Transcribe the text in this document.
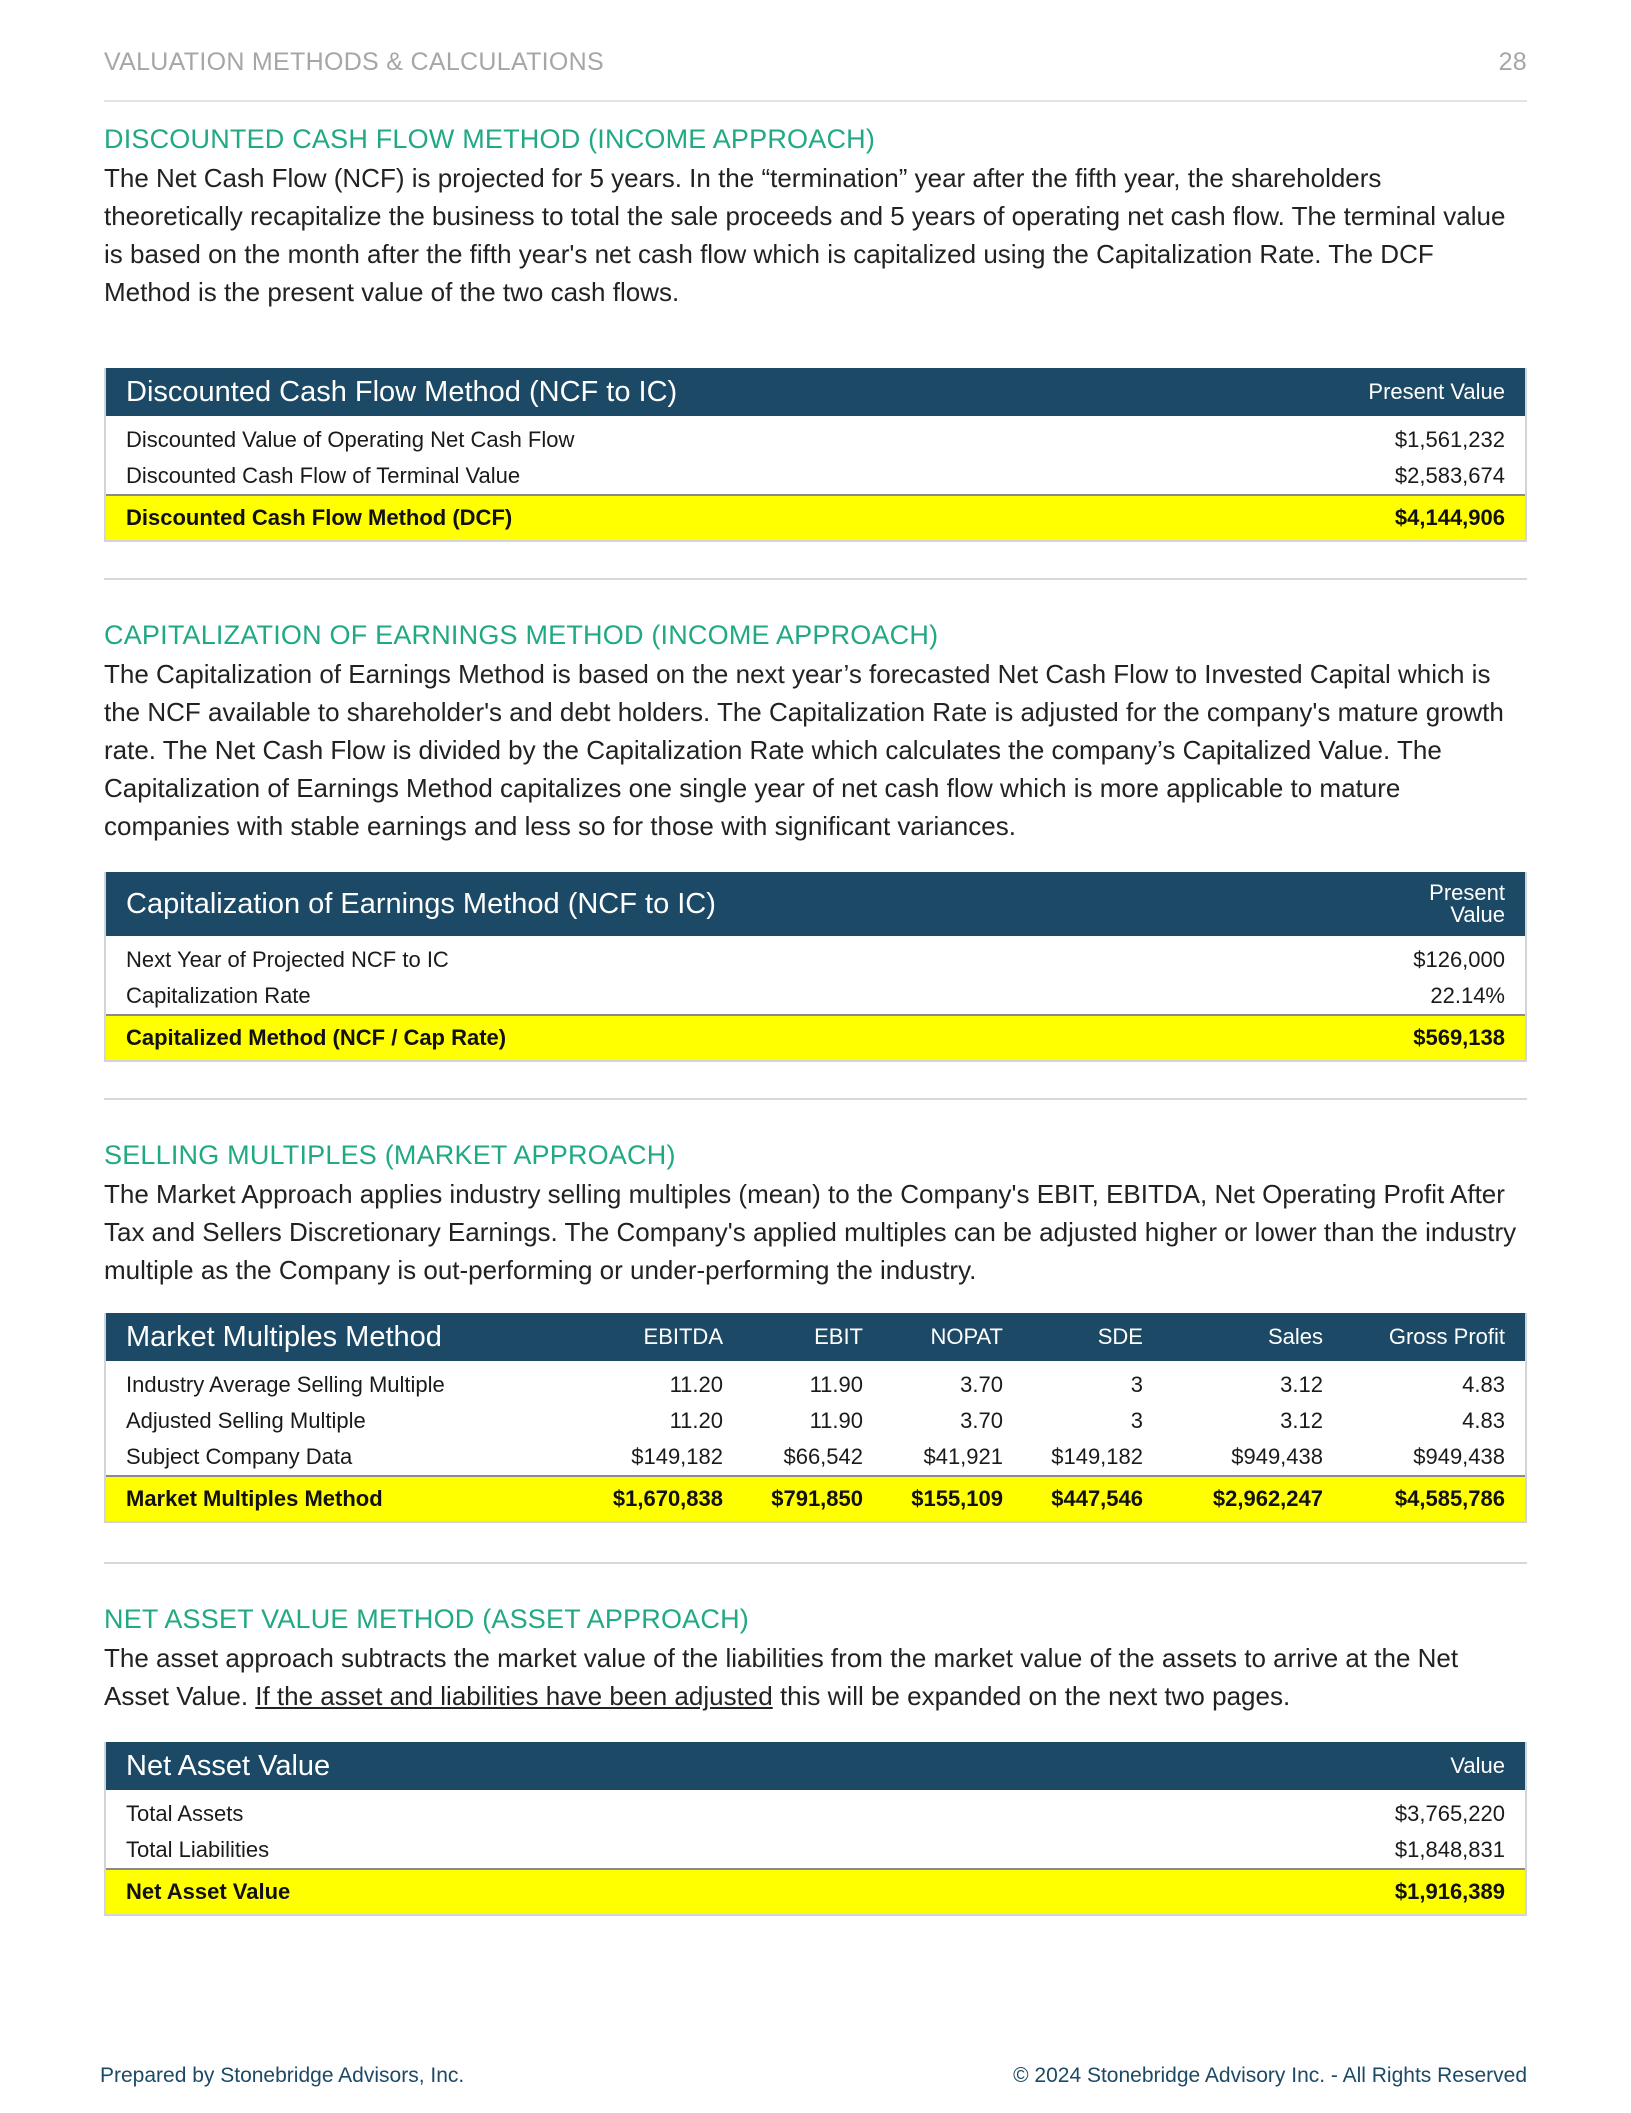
VALUATION METHODS & CALCULATIONS	28
DISCOUNTED CASH FLOW METHOD (INCOME APPROACH)

The Net Cash Flow (NCF) is projected for 5 years. In the “termination” year after the fifth year, the shareholders theoretically recapitalize the business to total the sale proceeds and 5 years of operating net cash flow. The terminal value is based on the month after the fifth year's net cash flow which is capitalized using the Capitalization Rate. The DCF Method is the present value of the two cash flows.

Discounted Cash Flow Method (NCF to IC)	Present Value
Discounted Value of Operating Net Cash Flow	$1,561,232
Discounted Cash Flow of Terminal Value	$2,583,674
Discounted Cash Flow Method (DCF)	$4,144,906
CAPITALIZATION OF EARNINGS METHOD (INCOME APPROACH)

The Capitalization of Earnings Method is based on the next year’s forecasted Net Cash Flow to Invested Capital which is the NCF available to shareholder's and debt holders. The Capitalization Rate is adjusted for the company's mature growth rate. The Net Cash Flow is divided by the Capitalization Rate which calculates the company’s Capitalized Value. The Capitalization of Earnings Method capitalizes one single year of net cash flow which is more applicable to mature companies with stable earnings and less so for those with significant variances.

Capitalization of Earnings Method (NCF to IC)	Present
Value
Next Year of Projected NCF to IC	$126,000
Capitalization Rate	22.14%
Capitalized Method (NCF / Cap Rate)	$569,138
SELLING MULTIPLES (MARKET APPROACH)

The Market Approach applies industry selling multiples (mean) to the Company's EBIT, EBITDA, Net Operating Profit After Tax and Sellers Discretionary Earnings. The Company's applied multiples can be adjusted higher or lower than the industry multiple as the Company is out-performing or under-performing the industry.

Market Multiples Method	EBITDA	EBIT	NOPAT	SDE	Sales	Gross Profit
Industry Average Selling Multiple	11.20	11.90	3.70	3	3.12	4.83
Adjusted Selling Multiple	11.20	11.90	3.70	3	3.12	4.83
Subject Company Data	$149,182	$66,542	$41,921	$149,182	$949,438	$949,438
Market Multiples Method	$1,670,838	$791,850	$155,109	$447,546	$2,962,247	$4,585,786
NET ASSET VALUE METHOD (ASSET APPROACH)

The asset approach subtracts the market value of the liabilities from the market value of the assets to arrive at the Net Asset Value. If the asset and liabilities have been adjusted this will be expanded on the next two pages.

Net Asset Value	Value
Total Assets	$3,765,220
Total Liabilities	$1,848,831
Net Asset Value	$1,916,389
Prepared by Stonebridge Advisors, Inc.	© 2024 Stonebridge Advisory Inc. - All Rights Reserved
